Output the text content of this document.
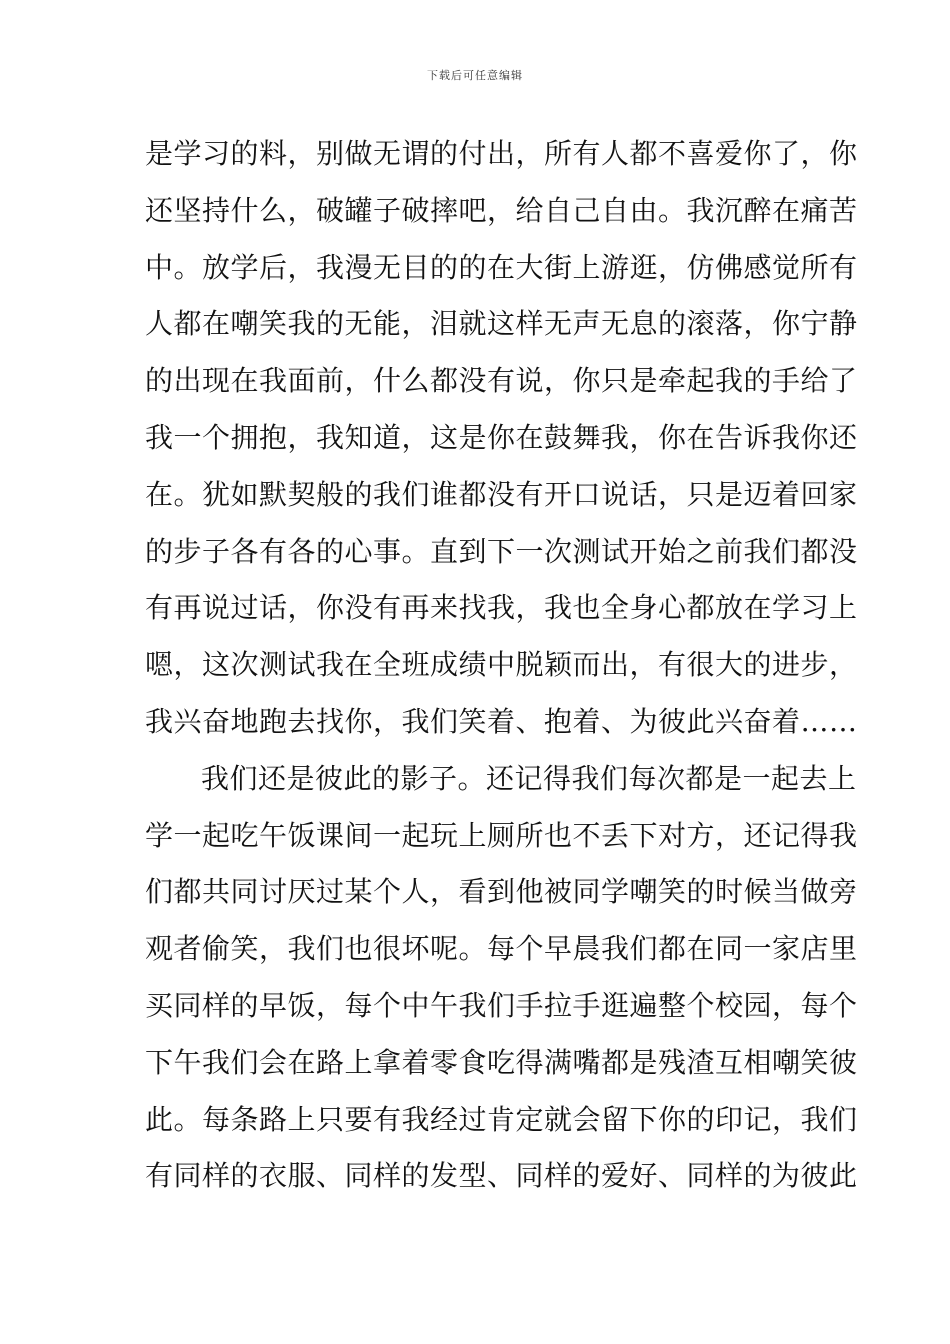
下载后可任意编辑
是学习的料，别做无谓的付出，所有人都不喜爱你了，你
还坚持什么，破罐子破摔吧，给自己自由。我沉醉在痛苦
中。放学后，我漫无目的的在大街上游逛，仿佛感觉所有
人都在嘲笑我的无能，泪就这样无声无息的滚落，你宁静
的出现在我面前，什么都没有说，你只是牵起我的手给了
我一个拥抱，我知道，这是你在鼓舞我，你在告诉我你还
在。犹如默契般的我们谁都没有开口说话，只是迈着回家
的步子各有各的心事。直到下一次测试开始之前我们都没
有再说过话，你没有再来找我，我也全身心都放在学习上
嗯，这次测试我在全班成绩中脱颖而出，有很大的进步，
我兴奋地跑去找你，我们笑着、抱着、为彼此兴奋着……
我们还是彼此的影子。还记得我们每次都是一起去上
学一起吃午饭课间一起玩上厕所也不丢下对方，还记得我
们都共同讨厌过某个人，看到他被同学嘲笑的时候当做旁
观者偷笑，我们也很坏呢。每个早晨我们都在同一家店里
买同样的早饭，每个中午我们手拉手逛遍整个校园，每个
下午我们会在路上拿着零食吃得满嘴都是残渣互相嘲笑彼
此。每条路上只要有我经过肯定就会留下你的印记，我们
有同样的衣服、同样的发型、同样的爱好、同样的为彼此
